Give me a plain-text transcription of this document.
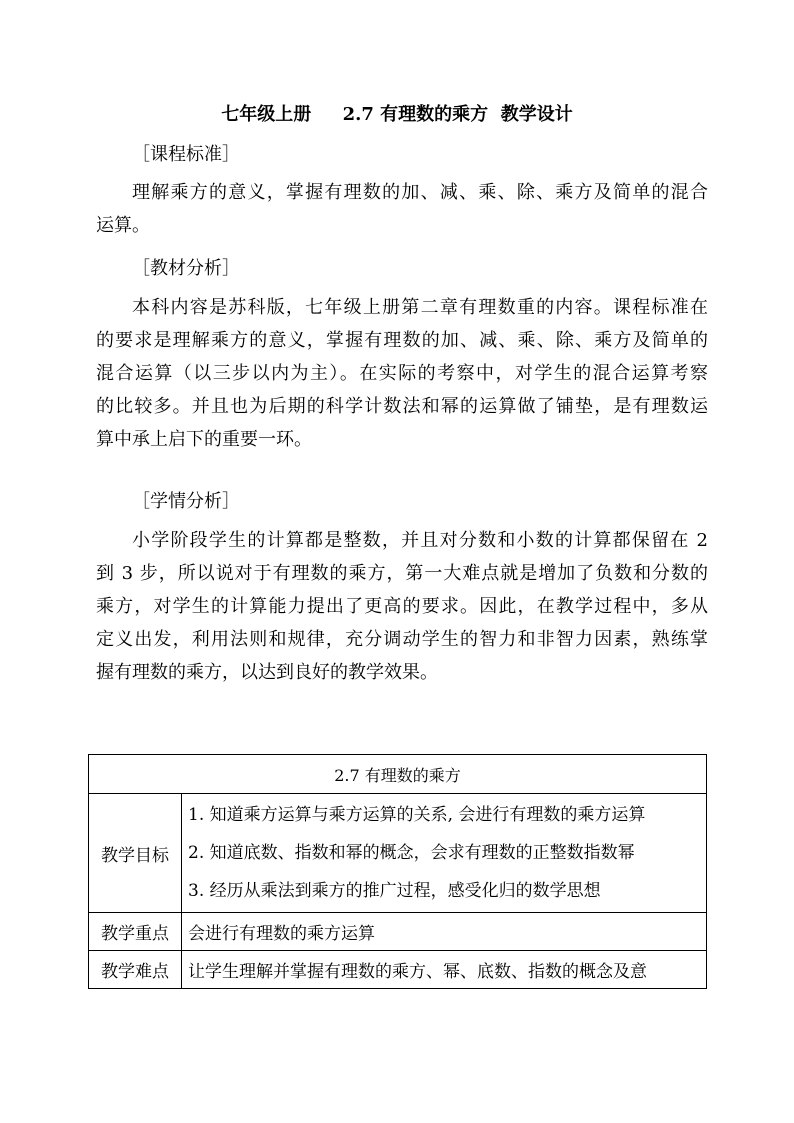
七年级上册     2.7 有理数的乘方  教学设计
［课程标准］
理解乘方的意义，掌握有理数的加、减、乘、除、乘方及简单的混合
运算。
［教材分析］
本科内容是苏科版，七年级上册第二章有理数重的内容。课程标准在
的要求是理解乘方的意义，掌握有理数的加、减、乘、除、乘方及简单的
混合运算（以三步以内为主）。在实际的考察中，对学生的混合运算考察
的比较多。并且也为后期的科学计数法和幂的运算做了铺垫，是有理数运
算中承上启下的重要一环。
［学情分析］
小学阶段学生的计算都是整数，并且对分数和小数的计算都保留在 2
到 3 步，所以说对于有理数的乘方，第一大难点就是增加了负数和分数的
乘方，对学生的计算能力提出了更高的要求。因此，在教学过程中，多从
定义出发，利用法则和规律，充分调动学生的智力和非智力因素，熟练掌
握有理数的乘方，以达到良好的教学效果。
2.7 有理数的乘方	
教学目标	1. 知道乘方运算与乘方运算的关系, 会进行有理数的乘方运算
2. 知道底数、指数和幂的概念，会求有理数的正整数指数幂
3. 经历从乘法到乘方的推广过程，感受化归的数学思想

教学重点	会进行有理数的乘方运算
教学难点	让学生理解并掌握有理数的乘方、幂、底数、指数的概念及意
